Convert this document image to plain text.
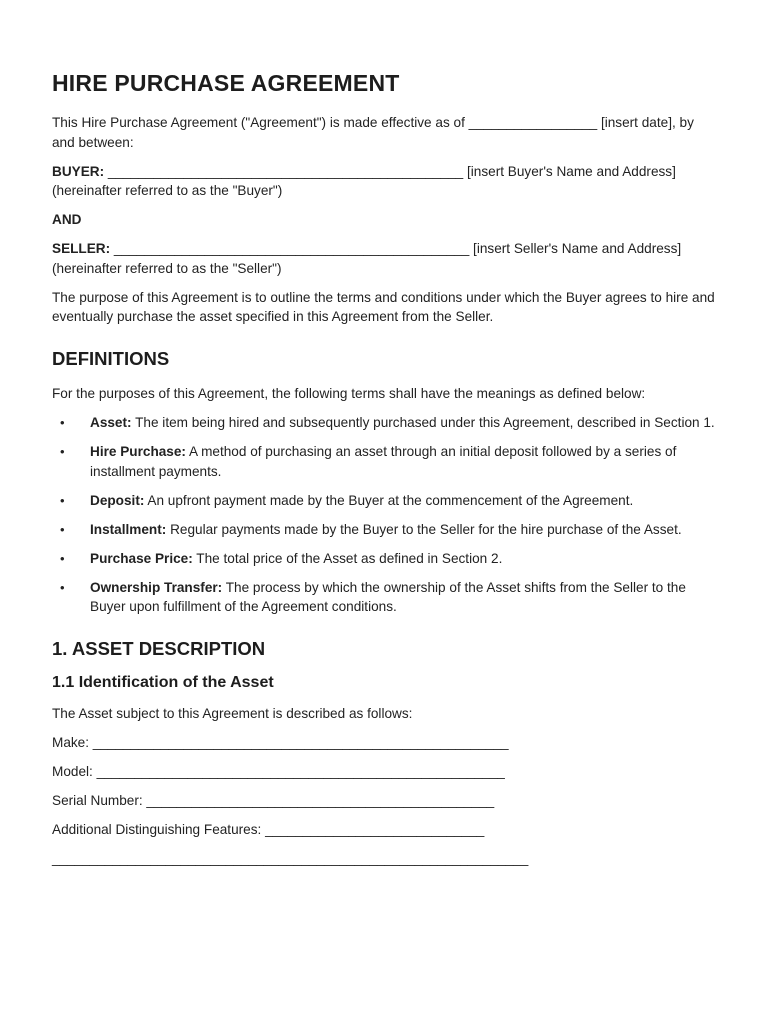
HIRE PURCHASE AGREEMENT

This Hire Purchase Agreement ("Agreement") is made effective as of _________________ [insert date], by and between:

BUYER: _______________________________________________ [insert Buyer's Name and Address] (hereinafter referred to as the "Buyer")

AND

SELLER: _______________________________________________ [insert Seller's Name and Address] (hereinafter referred to as the "Seller")

The purpose of this Agreement is to outline the terms and conditions under which the Buyer agrees to hire and eventually purchase the asset specified in this Agreement from the Seller.

DEFINITIONS

For the purposes of this Agreement, the following terms shall have the meanings as defined below:

• Asset: The item being hired and subsequently purchased under this Agreement, described in Section 1.
• Hire Purchase: A method of purchasing an asset through an initial deposit followed by a series of installment payments.
• Deposit: An upfront payment made by the Buyer at the commencement of the Agreement.
• Installment: Regular payments made by the Buyer to the Seller for the hire purchase of the Asset.
• Purchase Price: The total price of the Asset as defined in Section 2.
• Ownership Transfer: The process by which the ownership of the Asset shifts from the Seller to the Buyer upon fulfillment of the Agreement conditions.
1. ASSET DESCRIPTION
1.1 Identification of the Asset

The Asset subject to this Agreement is described as follows:

Make: _______________________________________________________
Model: ______________________________________________________
Serial Number: ______________________________________________
Additional Distinguishing Features: _____________________________
_______________________________________________________________
